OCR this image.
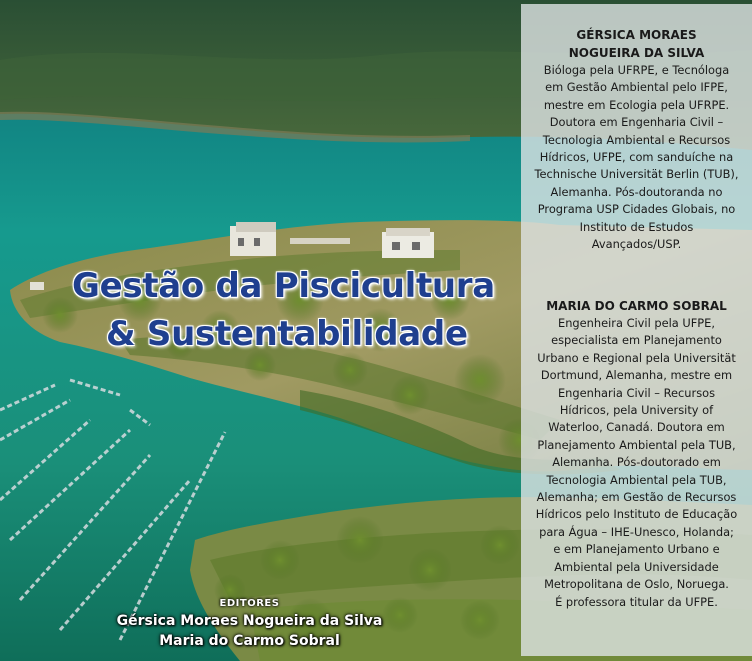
Gestão da Piscicultura
& Sustentabilidade
EDITORES
Gérsica Moraes Nogueira da Silva
Maria do Carmo Sobral
GÉRSICA MORAES
NOGUEIRA DA SILVA
Bióloga pela UFRPE, e Tecnóloga
em Gestão Ambiental pelo IFPE,
mestre em Ecologia pela UFRPE.
Doutora em Engenharia Civil –
Tecnologia Ambiental e Recursos
Hídricos, UFPE, com sanduíche na
Technische Universität Berlin (TUB),
Alemanha. Pós-doutoranda no
Programa USP Cidades Globais, no
Instituto de Estudos
Avançados/USP.
MARIA DO CARMO SOBRAL
Engenheira Civil pela UFPE,
especialista em Planejamento
Urbano e Regional pela Universität
Dortmund, Alemanha, mestre em
Engenharia Civil – Recursos
Hídricos, pela University of
Waterloo, Canadá. Doutora em
Planejamento Ambiental pela TUB,
Alemanha. Pós-doutorado em
Tecnologia Ambiental pela TUB,
Alemanha; em Gestão de Recursos
Hídricos pelo Instituto de Educação
para Água – IHE-Unesco, Holanda;
e em Planejamento Urbano e
Ambiental pela Universidade
Metropolitana de Oslo, Noruega.
É professora titular da UFPE.
